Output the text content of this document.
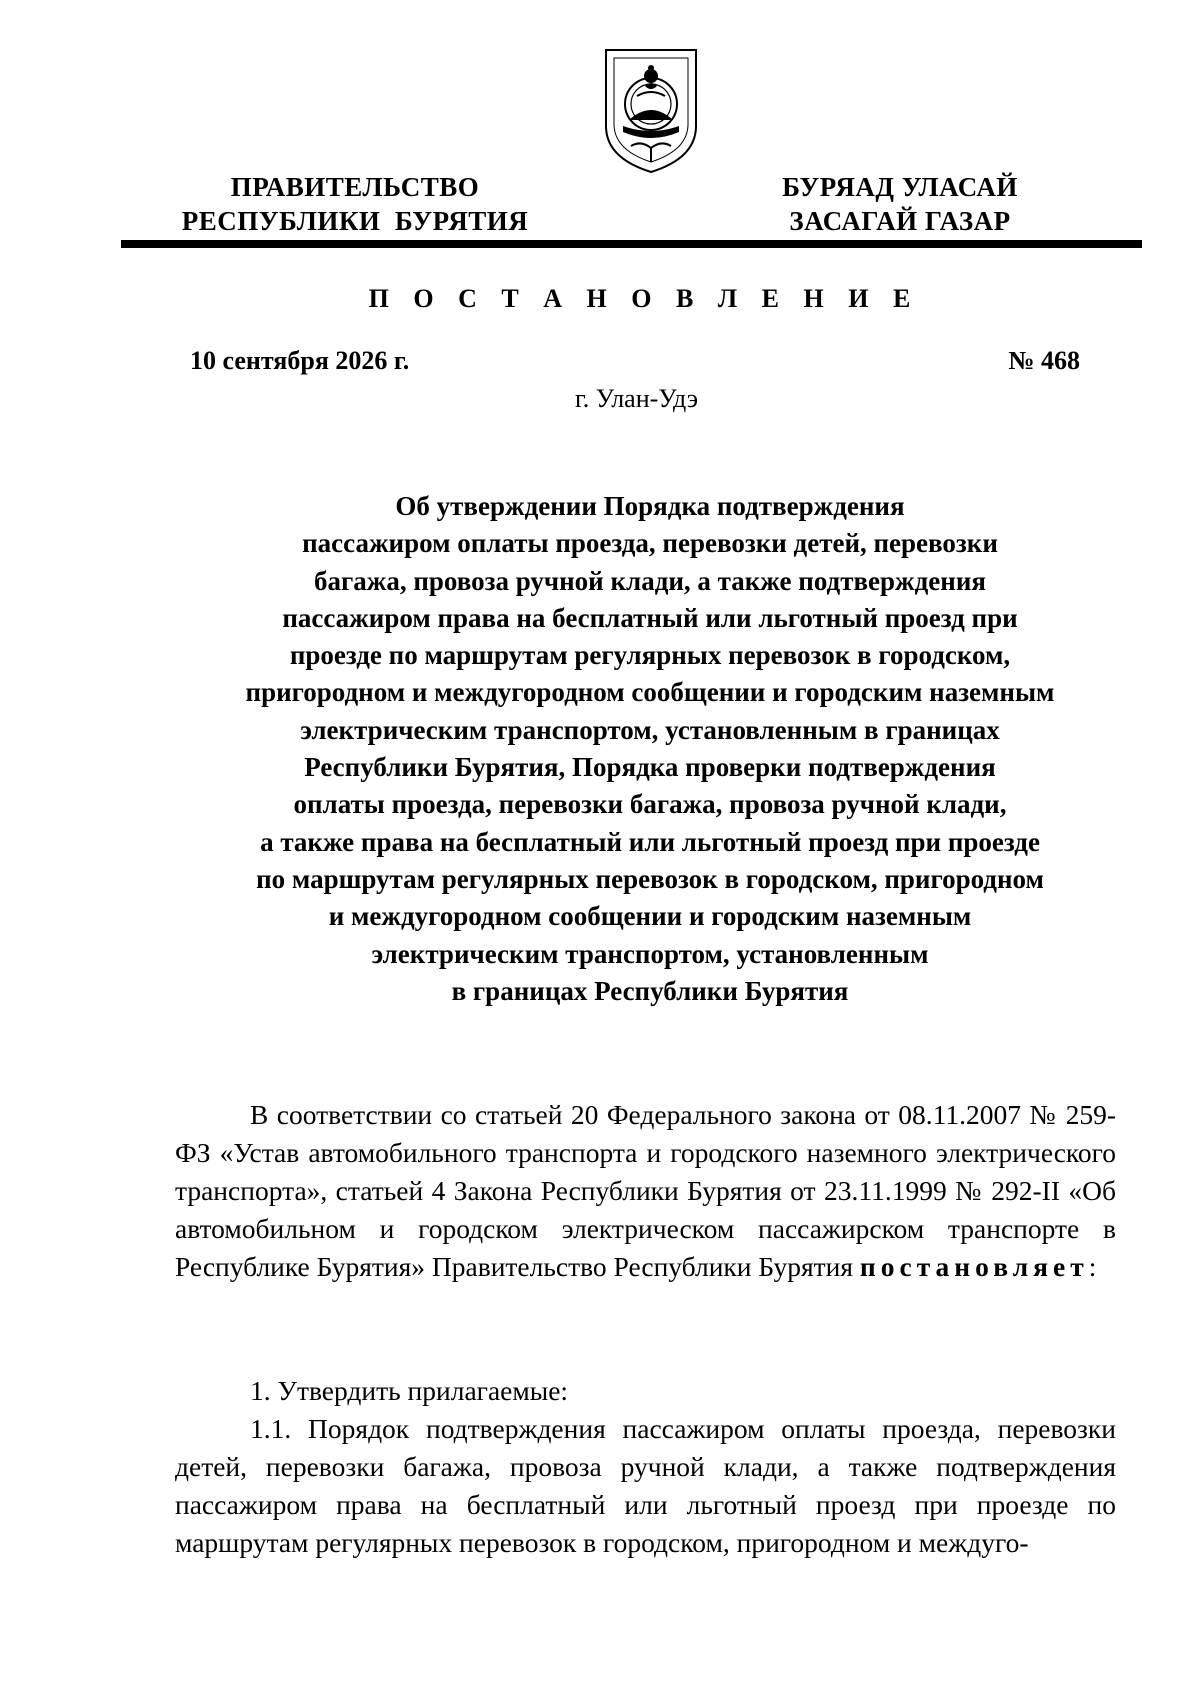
ПРАВИТЕЛЬСТВО
РЕСПУБЛИКИ  БУРЯТИЯ
БУРЯАД УЛАСАЙ
ЗАСАГАЙ ГАЗАР
П О С Т А Н О В Л Е Н И Е
10 сентября 2026 г.	№ 468
г. Улан-Удэ
Об утверждении Порядка подтверждения
пассажиром оплаты проезда, перевозки детей, перевозки
багажа, провоза ручной клади, а также подтверждения
пассажиром права на бесплатный или льготный проезд при
проезде по маршрутам регулярных перевозок в городском,
пригородном и междугородном сообщении и городским наземным
электрическим транспортом, установленным в границах
Республики Бурятия, Порядка проверки подтверждения
оплаты проезда, перевозки багажа, провоза ручной клади,
а также права на бесплатный или льготный проезд при проезде
по маршрутам регулярных перевозок в городском, пригородном
и междугородном сообщении и городским наземным
электрическим транспортом, установленным
в границах Республики Бурятия

В соответствии со статьей 20 Федерального закона от 08.11.2007 № 259-ФЗ «Устав автомобильного транспорта и городского наземного электрического транспорта», статьей 4 Закона Республики Бурятия от 23.11.1999 № 292-II «Об автомобильном и городском электрическом пассажирском транспорте в Республике Бурятия» Правительство Республики Бурятия постановляет:

1. Утвердить прилагаемые:

1.1. Порядок подтверждения пассажиром оплаты проезда, перевозки детей, перевозки багажа, провоза ручной клади, а также подтверждения пассажиром права на бесплатный или льготный проезд при проезде по маршрутам регулярных перевозок в городском, пригородном и междуго-
